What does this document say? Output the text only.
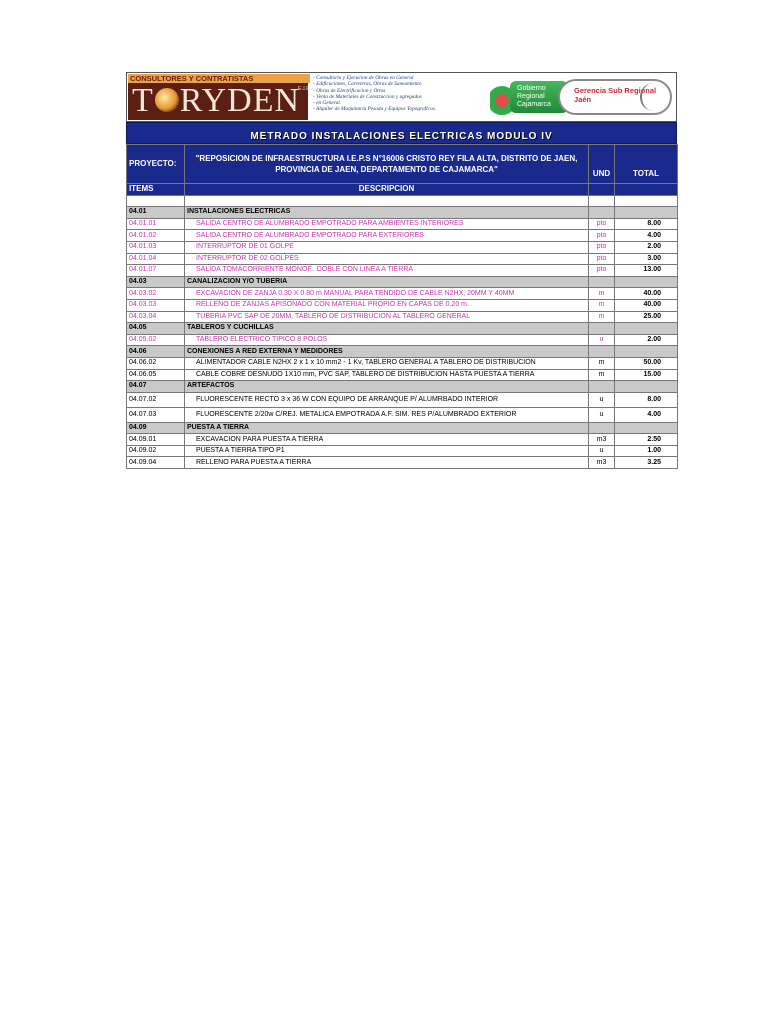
CONSULTORES Y CONTRATISTAS
T RYDEN
E.I.R.L.
- Consultoria y Ejecucion de Obras en General
- Edificaciones, Carreteras, Obras de Saneamiento
- Obras de Electrificacion y Otros
- Venta de Materiales de Construccion y agregados
- en General.
- Alquiler de Maquinaria Pesada y Equipos Topograficos.
Gobierno Regional Cajamarca
Gerencia Sub Regional Jaén
METRADO INSTALACIONES ELECTRICAS MODULO IV
PROYECTO:	"REPOSICION DE INFRAESTRUCTURA I.E.P.S N°16006 CRISTO REY FILA ALTA, DISTRITO DE JAEN, PROVINCIA DE JAEN, DEPARTAMENTO DE CAJAMARCA"	UND	TOTAL
ITEMS	DESCRIPCION		

04.01	INSTALACIONES ELECTRICAS		
04.01.01	SALIDA CENTRO DE ALUMBRADO EMPOTRADO PARA AMBIENTES INTERIORES	pto	8.00
04.01.02	SALIDA CENTRO DE ALUMBRADO EMPOTRADO PARA EXTERIORES	pto	4.00
04.01.03	INTERRUPTOR DE 01 GOLPE	pto	2.00
04.01.04	INTERRUPTOR DE 02 GOLPES	pto	3.00
04.01.07	SALIDA TOMACORRIENTE MONOF.. DOBLE CON LINEA A TIERRA	pto	13.00
04.03	CANALIZACION Y/O TUBERIA		
04.03.02	EXCAVACION DE ZANJA 0.30 X 0.80 m MANUAL PARA TENDIDO DE CABLE N2HX, 20MM Y 40MM	m	40.00
04.03.03	RELLENO DE ZANJAS APISONADO CON MATERIAL PROPIO EN CAPAS DE 0.20 m.	m	40.00
04.03.04	TUBERIA PVC SAP DE 20MM, TABLERO DE DISTRIBUCION AL TABLERO GENERAL	m	25.00
04.05	TABLEROS Y CUCHILLAS		
04.05.02	TABLERO ELECTRICO TIPICO 8 POLOS	u	2.00
04.06	CONEXIONES A RED EXTERNA Y MEDIDORES		
04.06.02	ALIMENTADOR CABLE N2HX 2 x 1 x 10 mm2 - 1 Kv, TABLERO GENERAL A TABLERO DE DISTRIBUCION	m	50.00
04.06.05	CABLE COBRE DESNUDO 1X10 mm, PVC SAP, TABLERO DE DISTRIBUCION HASTA PUESTA A TIERRA	m	15.00
04.07	ARTEFACTOS		
04.07.02	FLUORESCENTE RECTO 3 x 36 W CON EQUIPO DE ARRANQUE P/ ALUMRBADO INTERIOR	u	8.00
04.07.03	FLUORESCENTE 2/20w C/REJ. METALICA EMPOTRADA A.F. SIM. RES P/ALUMBRADO EXTERIOR	u	4.00
04.09	PUESTA A TIERRA		
04.09.01	EXCAVACION PARA PUESTA A TIERRA	m3	2.50
04.09.02	PUESTA A TIERRA TIPO P1	u	1.00
04.09.04	RELLENO PARA PUESTA A TIERRA	m3	3.25
